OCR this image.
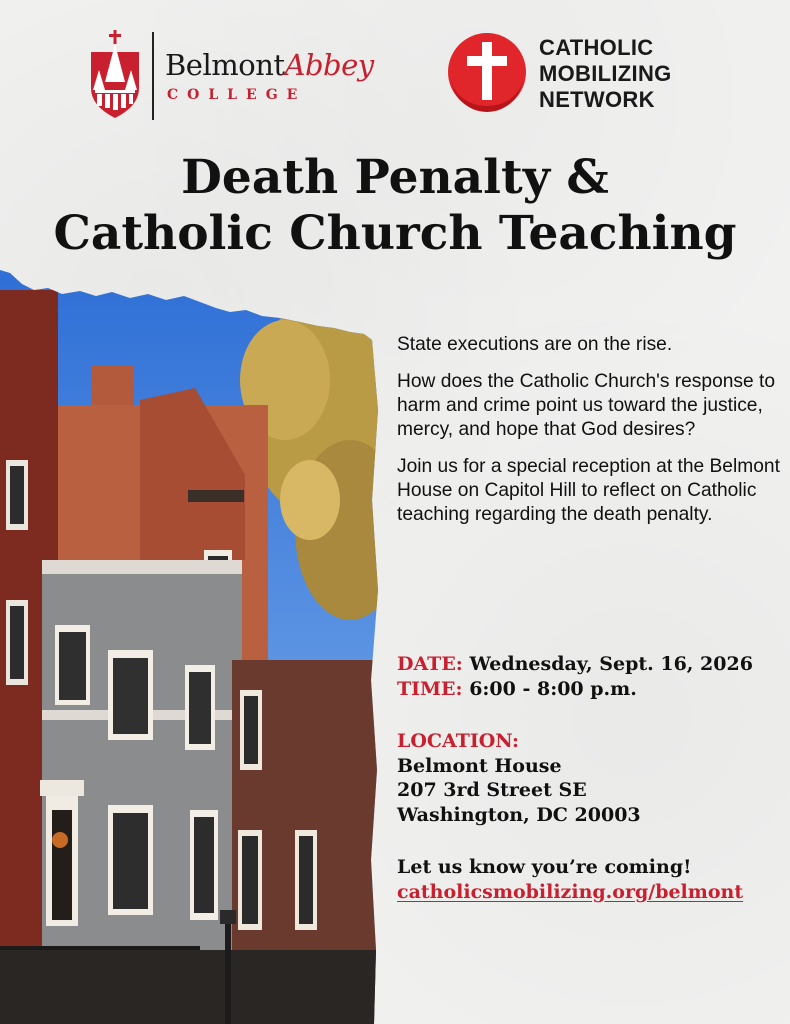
BelmontAbbey
COLLEGE
CATHOLIC
MOBILIZING
NETWORK
Death Penalty &
Catholic Church Teaching

State executions are on the rise.

How does the Catholic Church's response to harm and crime point us toward the justice, mercy, and hope that God desires?

Join us for a special reception at the Belmont House on Capitol Hill to reflect on Catholic teaching regarding the death penalty.

DATE: Wednesday, Sept. 16, 2026
TIME: 6:00 - 8:00 p.m.
LOCATION:
Belmont House
207 3rd Street SE
Washington, DC 20003
Let us know you’re coming!
catholicsmobilizing.org/belmont
